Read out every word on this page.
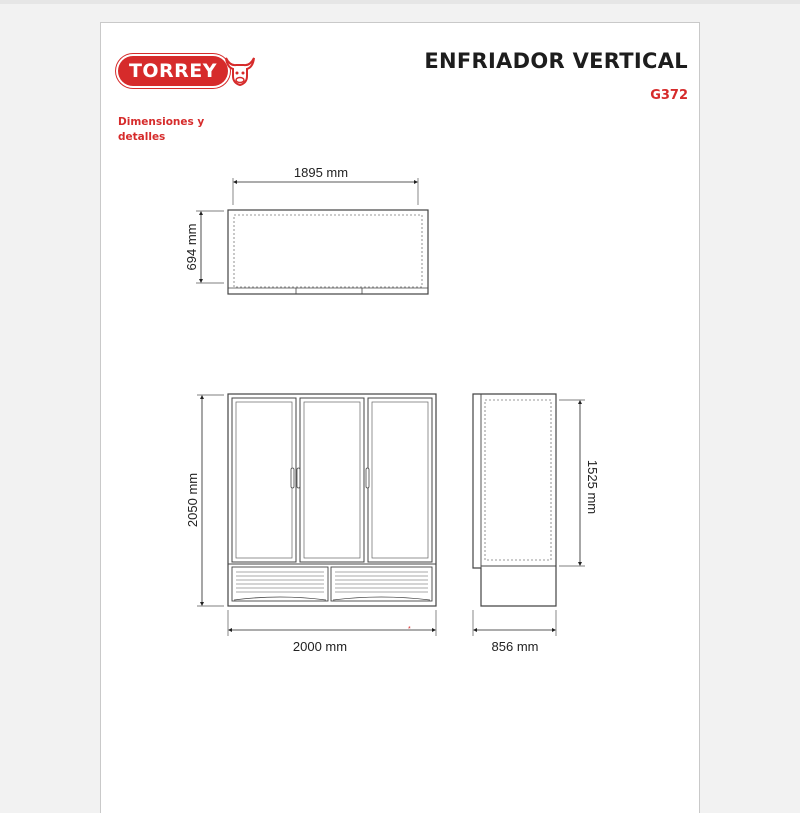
TORREY	ENFRIADOR VERTICAL
G372
Dimensiones y detalles
1895 mm
694 mm
2050 mm
2000 mm
*
1525 mm
856 mm
